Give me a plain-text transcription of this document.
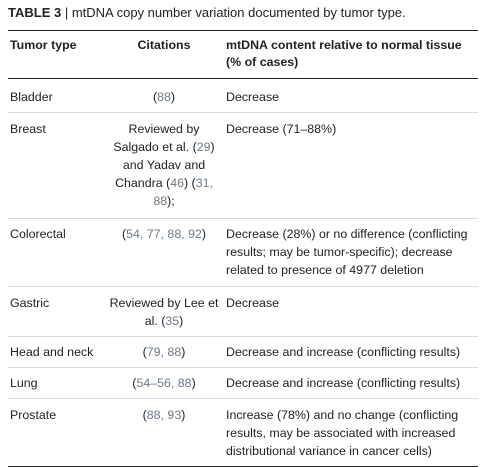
TABLE 3 | mtDNA copy number variation documented by tumor type.
Tumor type	Citations	mtDNA content relative to normal tissue (% of cases)
Bladder	(88)	Decrease
Breast	Reviewed by Salgado et al. (29) and Yadav and Chandra (46) (31, 88);	Decrease (71–88%)
Colorectal	(54, 77, 88, 92)	Decrease (28%) or no difference (conflicting results; may be tumor-specific); decrease related to presence of 4977 deletion
Gastric	Reviewed by Lee et al. (35)	Decrease
Head and neck	(79, 88)	Decrease and increase (conflicting results)
Lung	(54–56, 88)	Decrease and increase (conflicting results)
Prostate	(88, 93)	Increase (78%) and no change (conflicting results, may be associated with increased distributional variance in cancer cells)
